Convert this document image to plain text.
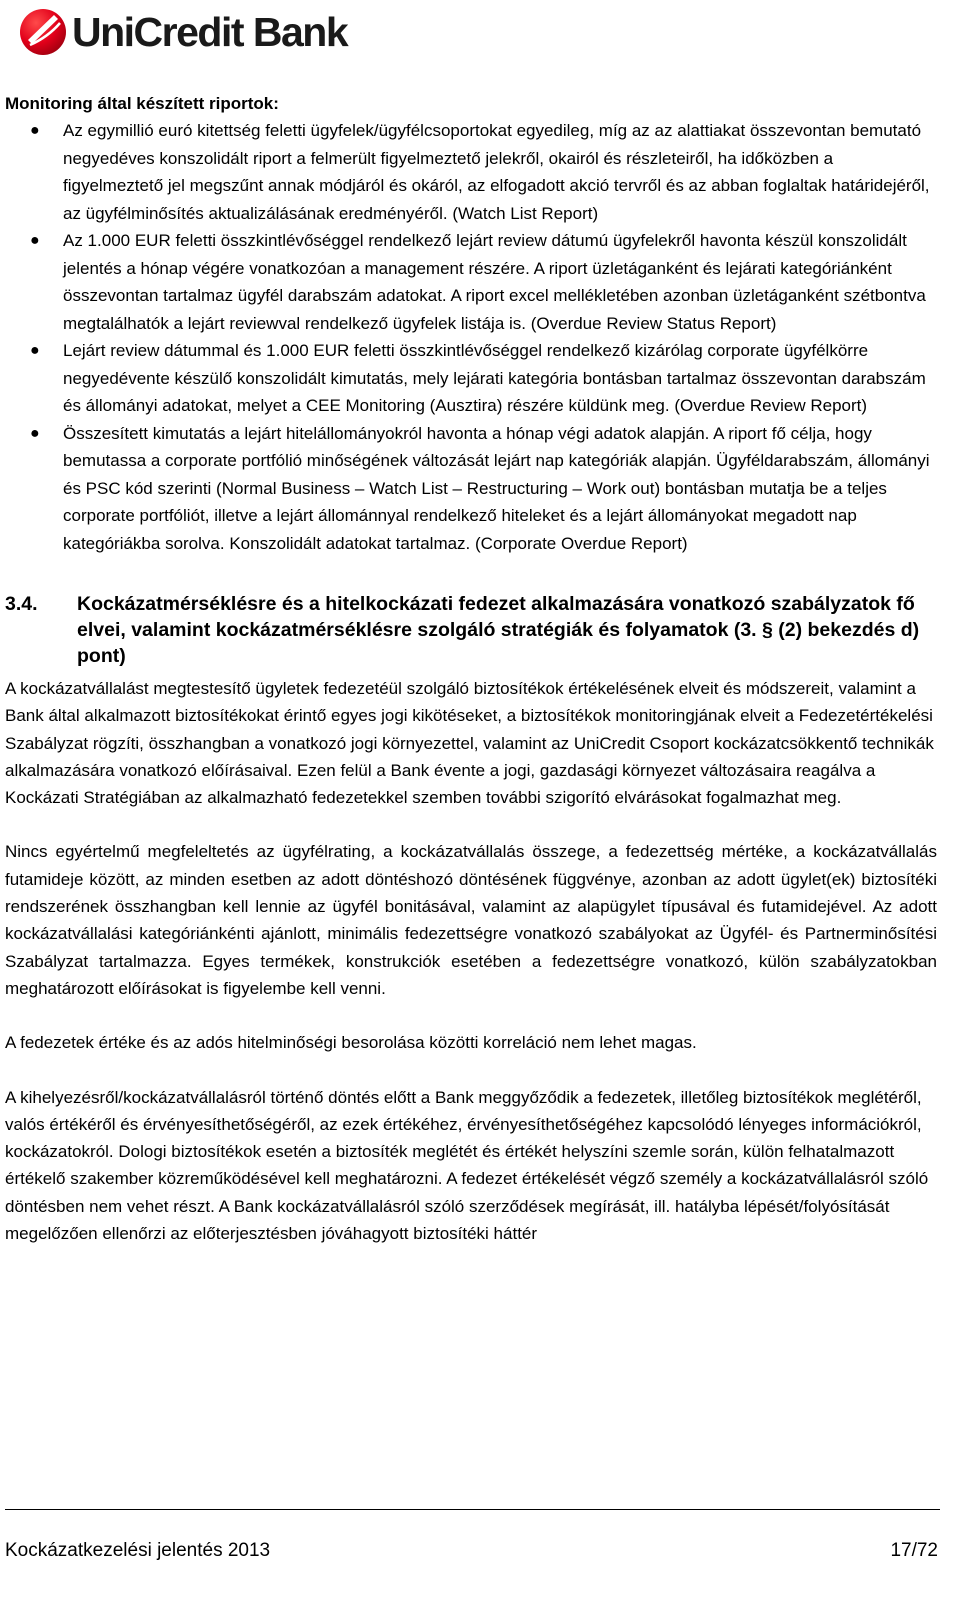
UniCredit Bank

Monitoring által készített riportok:

● Az egymillió euró kitettség feletti ügyfelek/ügyfélcsoportokat egyedileg, míg az az alattiakat összevontan bemutató negyedéves konszolidált riport a felmerült figyelmeztető jelekről, okairól és részleteiről, ha időközben a figyelmeztető jel megszűnt annak módjáról és okáról, az elfogadott akció tervről és az abban foglaltak határidejéről, az ügyfélminősítés aktualizálásának eredményéről. (Watch List Report)
● Az 1.000 EUR feletti összkintlévőséggel rendelkező lejárt review dátumú ügyfelekről havonta készül konszolidált jelentés a hónap végére vonatkozóan a management részére. A riport üzletáganként és lejárati kategóriánként összevontan tartalmaz ügyfél darabszám adatokat. A riport excel mellékletében azonban üzletáganként szétbontva megtalálhatók a lejárt reviewval rendelkező ügyfelek listája is. (Overdue Review Status Report)
● Lejárt review dátummal és 1.000 EUR feletti összkintlévőséggel rendelkező kizárólag corporate ügyfélkörre negyedévente készülő konszolidált kimutatás, mely lejárati kategória bontásban tartalmaz összevontan darabszám és állományi adatokat, melyet a CEE Monitoring (Ausztira) részére küldünk meg. (Overdue Review Report)
● Összesített kimutatás a lejárt hitelállományokról havonta a hónap végi adatok alapján. A riport fő célja, hogy bemutassa a corporate portfólió minőségének változását lejárt nap kategóriák alapján. Ügyféldarabszám, állományi és PSC kód szerinti (Normal Business – Watch List – Restructuring – Work out) bontásban mutatja be a teljes corporate portfóliót, illetve a lejárt állománnyal rendelkező hiteleket és a lejárt állományokat megadott nap kategóriákba sorolva. Konszolidált adatokat tartalmaz. (Corporate Overdue Report)
3.4.	Kockázatmérséklésre és a hitelkockázati fedezet alkalmazására vonatkozó szabályzatok fő elvei, valamint kockázatmérséklésre szolgáló stratégiák és folyamatok (3. § (2) bekezdés d) pont)

A kockázatvállalást megtestesítő ügyletek fedezetéül szolgáló biztosítékok értékelésének elveit és módszereit, valamint a Bank által alkalmazott biztosítékokat érintő egyes jogi kikötéseket, a biztosítékok monitoringjának elveit a Fedezetértékelési Szabályzat rögzíti, összhangban a vonatkozó jogi környezettel, valamint az UniCredit Csoport kockázatcsökkentő technikák alkalmazására vonatkozó előírásaival. Ezen felül a Bank évente a jogi, gazdasági környezet változásaira reagálva a Kockázati Stratégiában az alkalmazható fedezetekkel szemben további szigorító elvárásokat fogalmazhat meg.

Nincs egyértelmű megfeleltetés az ügyfélrating, a kockázatvállalás összege, a fedezettség mértéke, a kockázatvállalás futamideje között, az minden esetben az adott döntéshozó döntésének függvénye, azonban az adott ügylet(ek) biztosítéki rendszerének összhangban kell lennie az ügyfél bonitásával, valamint az alapügylet típusával és futamidejével. Az adott kockázatvállalási kategóriánkénti ajánlott, minimális fedezettségre vonatkozó szabályokat az Ügyfél- és Partnerminősítési Szabályzat tartalmazza. Egyes termékek, konstrukciók esetében a fedezettségre vonatkozó, külön szabályzatokban meghatározott előírásokat is figyelembe kell venni.

A fedezetek értéke és az adós hitelminőségi besorolása közötti korreláció nem lehet magas.

A kihelyezésről/kockázatvállalásról történő döntés előtt a Bank meggyőződik a fedezetek, illetőleg biztosítékok meglétéről, valós értékéről és érvényesíthetőségéről, az ezek értékéhez, érvényesíthetőségéhez kapcsolódó lényeges információkról, kockázatokról. Dologi biztosítékok esetén a biztosíték meglétét és értékét helyszíni szemle során, külön felhatalmazott értékelő szakember közreműködésével kell meghatározni. A fedezet értékelését végző személy a kockázatvállalásról szóló döntésben nem vehet részt. A Bank kockázatvállalásról szóló szerződések megírását, ill. hatályba lépését/folyósítását megelőzően ellenőrzi az előterjesztésben jóváhagyott biztosítéki háttér

Kockázatkezelési jelentés 2013	17/72
